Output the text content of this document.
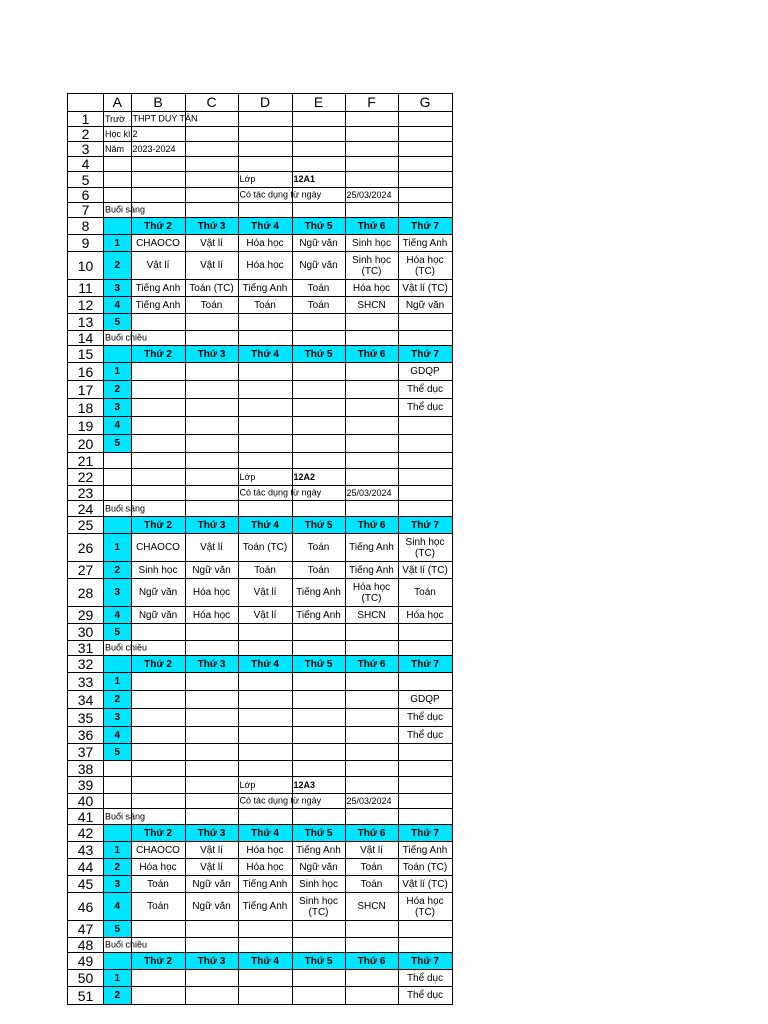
	A	B	C	D	E	F	G
1	Trườ	THPT DUY TÂN					

2	Học kì	2					
3	Năm	2023-2024					
4							
5				Lớp	12A1		
6				Có tác dụng từ ngày		25/03/2024	
7	Buổi sáng						

8		Thứ 2	Thứ 3	Thứ 4	Thứ 5	Thứ 6	Thứ 7
9	1	CHAOCO	Vật lí	Hóa học	Ngữ văn	Sinh học	Tiếng Anh
10	2	Vật lí	Vật lí	Hóa học	Ngữ văn	Sinh học (TC)	Hóa học (TC)
11	3	Tiếng Anh	Toán (TC)	Tiếng Anh	Toán	Hóa học	Vật lí (TC)
12	4	Tiếng Anh	Toán	Toán	Toán	SHCN	Ngữ văn
13	5						
14	Buổi chiều						

15		Thứ 2	Thứ 3	Thứ 4	Thứ 5	Thứ 6	Thứ 7
16	1						GDQP
17	2						Thể dục
18	3						Thể dục
19	4						
20	5						
21							
22				Lớp	12A2		
23				Có tác dụng từ ngày		25/03/2024	
24	Buổi sáng						

25		Thứ 2	Thứ 3	Thứ 4	Thứ 5	Thứ 6	Thứ 7
26	1	CHAOCO	Vật lí	Toán (TC)	Toán	Tiếng Anh	Sinh học (TC)
27	2	Sinh học	Ngữ văn	Toán	Toán	Tiếng Anh	Vật lí (TC)
28	3	Ngữ văn	Hóa học	Vật lí	Tiếng Anh	Hóa học (TC)	Toán
29	4	Ngữ văn	Hóa học	Vật lí	Tiếng Anh	SHCN	Hóa học
30	5						
31	Buổi chiều						

32		Thứ 2	Thứ 3	Thứ 4	Thứ 5	Thứ 6	Thứ 7
33	1						
34	2						GDQP
35	3						Thể dục
36	4						Thể dục
37	5						
38							
39				Lớp	12A3		
40				Có tác dụng từ ngày		25/03/2024	
41	Buổi sáng						

42		Thứ 2	Thứ 3	Thứ 4	Thứ 5	Thứ 6	Thứ 7
43	1	CHAOCO	Vật lí	Hóa học	Tiếng Anh	Vật lí	Tiếng Anh
44	2	Hóa học	Vật lí	Hóa học	Ngữ văn	Toán	Toán (TC)
45	3	Toán	Ngữ văn	Tiếng Anh	Sinh học	Toán	Vật lí (TC)
46	4	Toán	Ngữ văn	Tiếng Anh	Sinh học (TC)	SHCN	Hóa học (TC)
47	5						
48	Buổi chiều						

49		Thứ 2	Thứ 3	Thứ 4	Thứ 5	Thứ 6	Thứ 7
50	1						Thể dục
51	2						Thể dục
